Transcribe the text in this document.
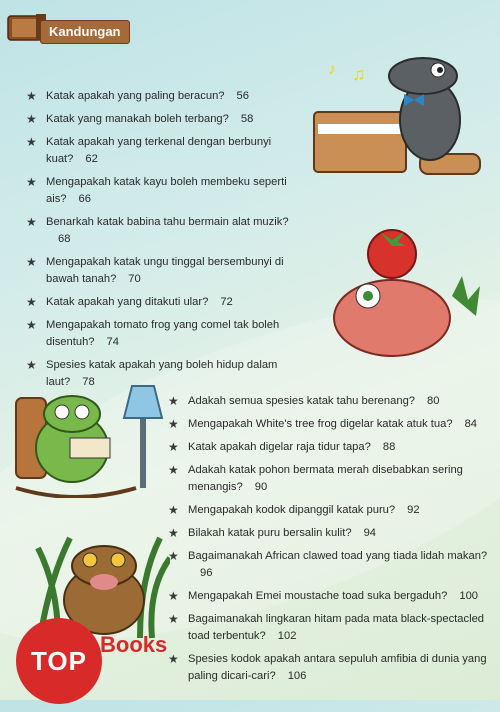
Kandungan
★ Katak apakah yang paling beracun? 56
★ Katak yang manakah boleh terbang? 58
★ Katak apakah yang terkenal dengan berbunyi kuat? 62
★ Mengapakah katak kayu boleh membeku seperti ais? 66
★ Benarkah katak babina tahu bermain alat muzik?68
★ Mengapakah katak ungu tinggal bersembunyi di bawah tanah? 70
★ Katak apakah yang ditakuti ular? 72
★ Mengapakah tomato frog yang comel tak boleh disentuh? 74
★ Spesies katak apakah yang boleh hidup dalam laut? 78
★ Adakah semua spesies katak tahu berenang? 80
★ Mengapakah White's tree frog digelar katak atuk tua? 84
★ Katak apakah digelar raja tidur tapa? 88
★ Adakah katak pohon bermata merah disebabkan sering menangis? 90
★ Mengapakah kodok dipanggil katak puru? 92
★ Bilakah katak puru bersalin kulit? 94
★ Bagaimanakah African clawed toad yang tiada lidah makan?96
★ Mengapakah Emei moustache toad suka bergaduh? 100
★ Bagaimanakah lingkaran hitam pada mata black-spectacled toad terbentuk? 102
★ Spesies kodok apakah antara sepuluh amfibia di dunia yang paling dicari-cari? 106
♪ ♫
TOP
Books
